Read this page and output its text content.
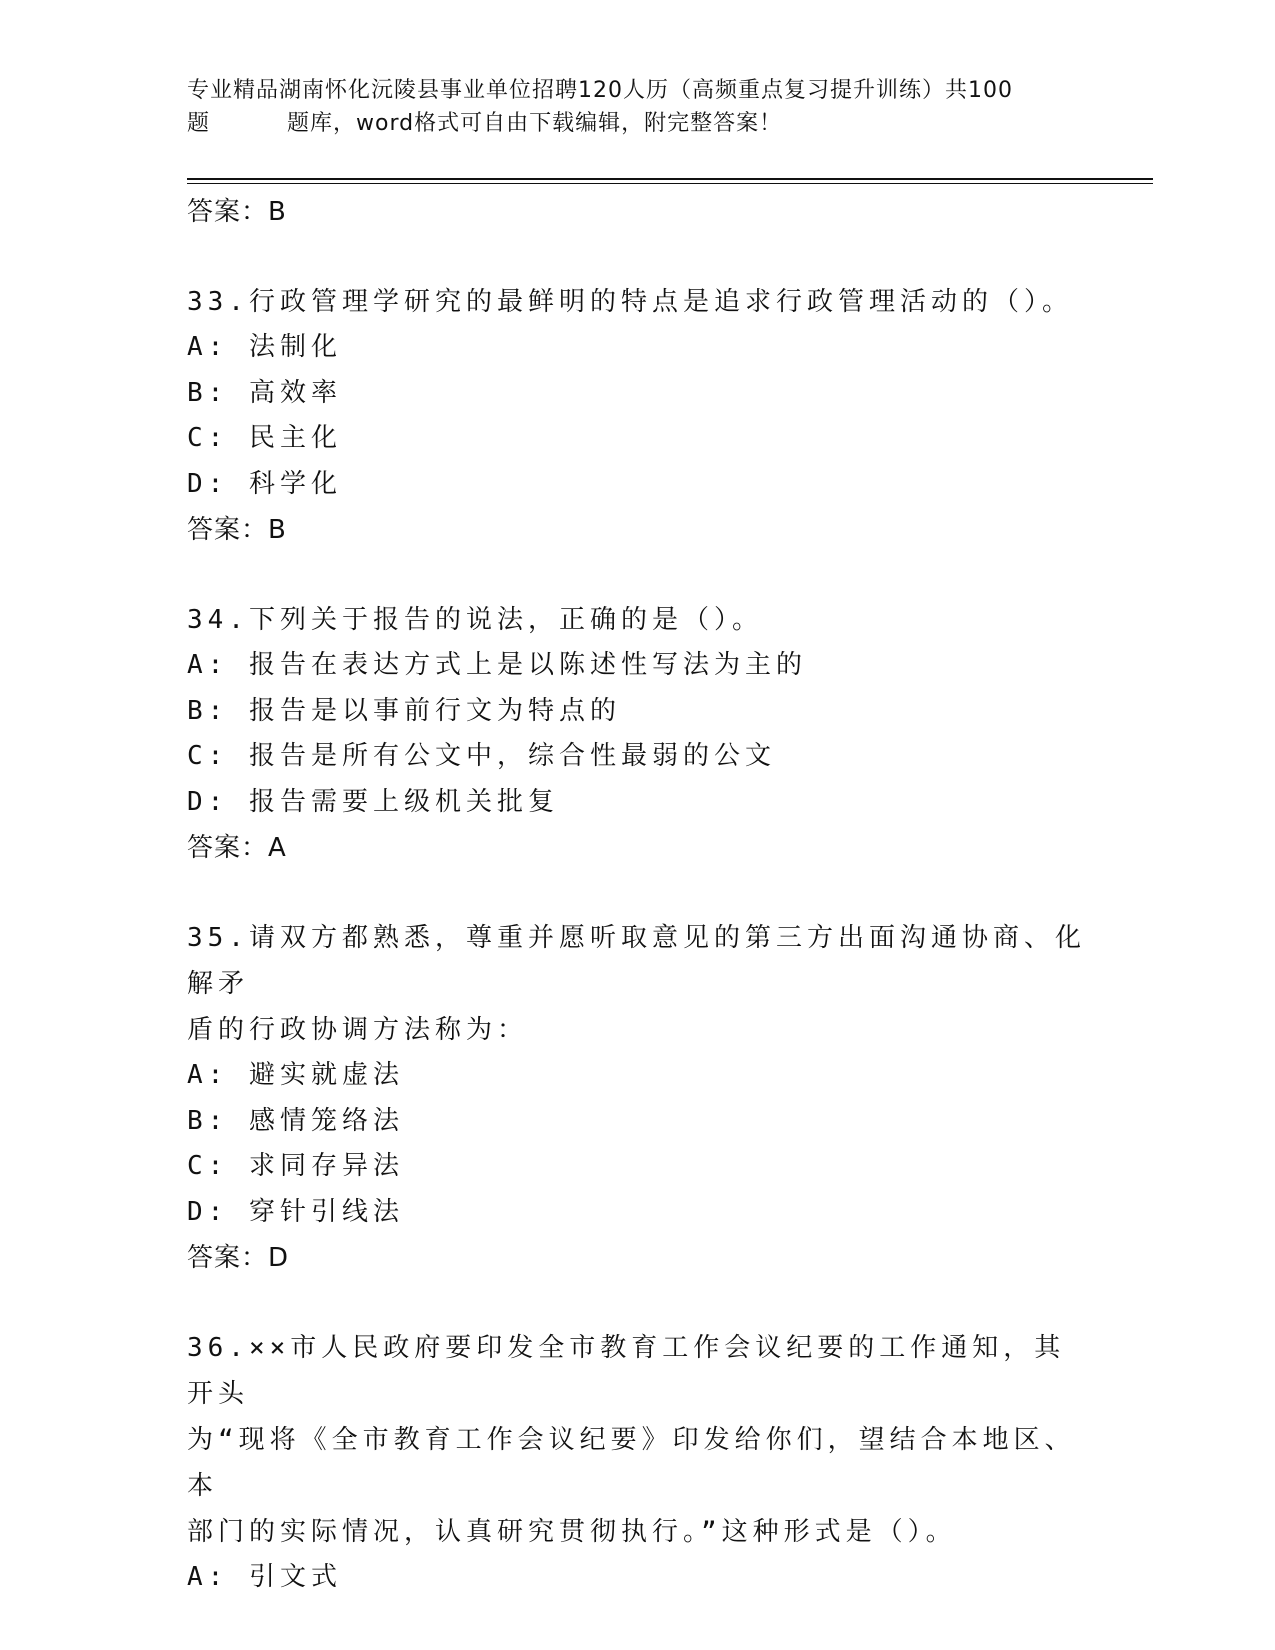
专业精品湖南怀化沅陵县事业单位招聘120人历（高频重点复习提升训练）共100
题	题库，word格式可自由下载编辑，附完整答案！
答案：B
33.行政管理学研究的最鲜明的特点是追求行政管理活动的（）。
A: 法制化
B: 高效率
C: 民主化
D: 科学化
答案：B
34.下列关于报告的说法，正确的是（）。
A: 报告在表达方式上是以陈述性写法为主的
B: 报告是以事前行文为特点的
C: 报告是所有公文中，综合性最弱的公文
D: 报告需要上级机关批复
答案：A
35.请双方都熟悉，尊重并愿听取意见的第三方出面沟通协商、化解矛
盾的行政协调方法称为：
A: 避实就虚法
B: 感情笼络法
C: 求同存异法
D: 穿针引线法
答案：D
36.××市人民政府要印发全市教育工作会议纪要的工作通知，其开头
为“现将《全市教育工作会议纪要》印发给你们，望结合本地区、本
部门的实际情况，认真研究贯彻执行。”这种形式是（）。
A: 引文式
